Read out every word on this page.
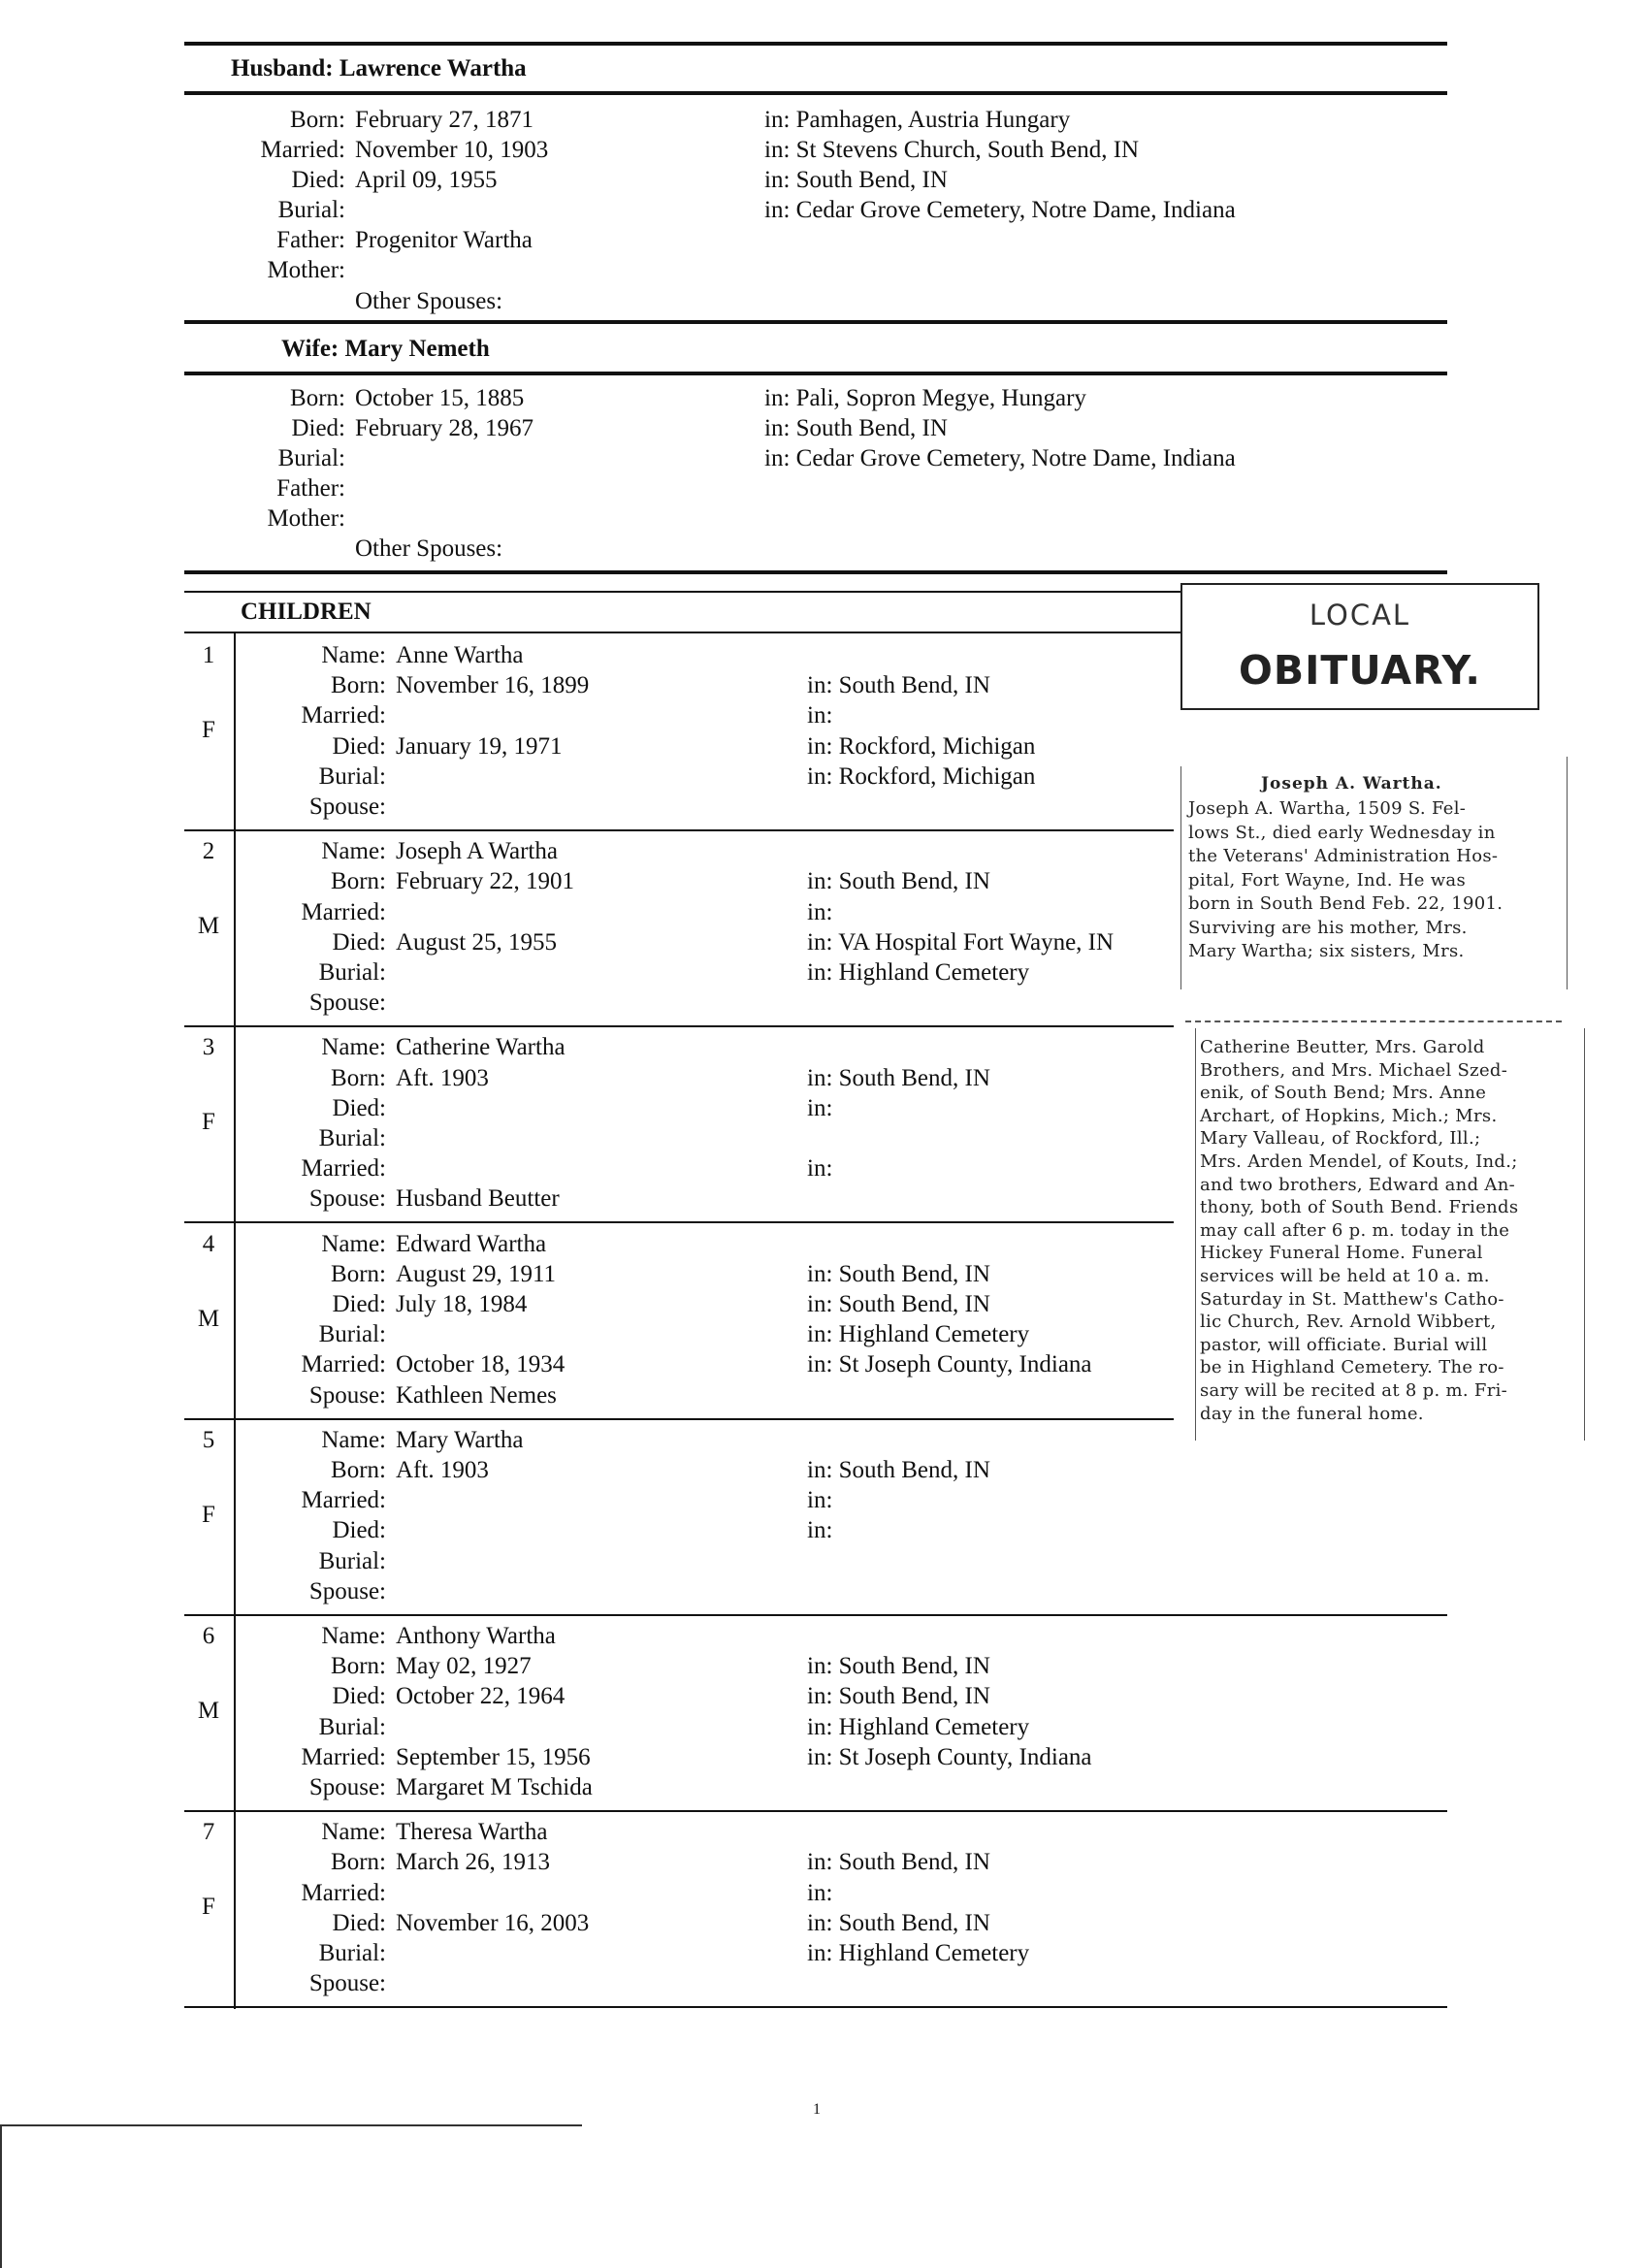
Husband: Lawrence Wartha
Born: February 27, 1871	in: Pamhagen, Austria Hungary
Married: November 10, 1903	in: St Stevens Church, South Bend, IN
Died: April 09, 1955	in: South Bend, IN
Burial:	in: Cedar Grove Cemetery, Notre Dame, Indiana
Father: Progenitor Wartha
Mother:
Other Spouses:
Wife: Mary Nemeth
Born: October 15, 1885	in: Pali, Sopron Megye, Hungary
Died: February 28, 1967	in: South Bend, IN
Burial:	in: Cedar Grove Cemetery, Notre Dame, Indiana
Father:
Mother:
Other Spouses:
CHILDREN
1
F
Name: Anne Wartha
Born: November 16, 1899	in: South Bend, IN
Married:	in:
Died: January 19, 1971	in: Rockford, Michigan
Burial:	in: Rockford, Michigan
Spouse:
2
M
Name: Joseph A Wartha
Born: February 22, 1901	in: South Bend, IN
Married:	in:
Died: August 25, 1955	in: VA Hospital Fort Wayne, IN
Burial:	in: Highland Cemetery
Spouse:
3
F
Name: Catherine Wartha
Born: Aft. 1903	in: South Bend, IN
Died:	in:
Burial:
Married:	in:
Spouse: Husband Beutter
4
M
Name: Edward Wartha
Born: August 29, 1911	in: South Bend, IN
Died: July 18, 1984	in: South Bend, IN
Burial:	in: Highland Cemetery
Married: October 18, 1934	in: St Joseph County, Indiana
Spouse: Kathleen Nemes
5
F
Name: Mary Wartha
Born: Aft. 1903	in: South Bend, IN
Married:	in:
Died:	in:
Burial:
Spouse:
6
M
Name: Anthony Wartha
Born: May 02, 1927	in: South Bend, IN
Died: October 22, 1964	in: South Bend, IN
Burial:	in: Highland Cemetery
Married: September 15, 1956	in: St Joseph County, Indiana
Spouse: Margaret M Tschida
7
F
Name: Theresa Wartha
Born: March 26, 1913	in: South Bend, IN
Married:	in:
Died: November 16, 2003	in: South Bend, IN
Burial:	in: Highland Cemetery
Spouse:
LOCAL
OBITUARY.
Joseph A. Wartha.
Joseph A. Wartha, 1509 S. Fel-
lows St., died early Wednesday in
the Veterans' Administration Hos-
pital, Fort Wayne, Ind. He was
born in South Bend Feb. 22, 1901.
Surviving are his mother, Mrs.
Mary Wartha; six sisters, Mrs.
Catherine Beutter, Mrs. Garold
Brothers, and Mrs. Michael Szed-
enik, of South Bend; Mrs. Anne
Archart, of Hopkins, Mich.; Mrs.
Mary Valleau, of Rockford, Ill.;
Mrs. Arden Mendel, of Kouts, Ind.;
and two brothers, Edward and An-
thony, both of South Bend. Friends
may call after 6 p. m. today in the
Hickey Funeral Home. Funeral
services will be held at 10 a. m.
Saturday in St. Matthew's Catho-
lic Church, Rev. Arnold Wibbert,
pastor, will officiate. Burial will
be in Highland Cemetery. The ro-
sary will be recited at 8 p. m. Fri-
day in the funeral home.
1
